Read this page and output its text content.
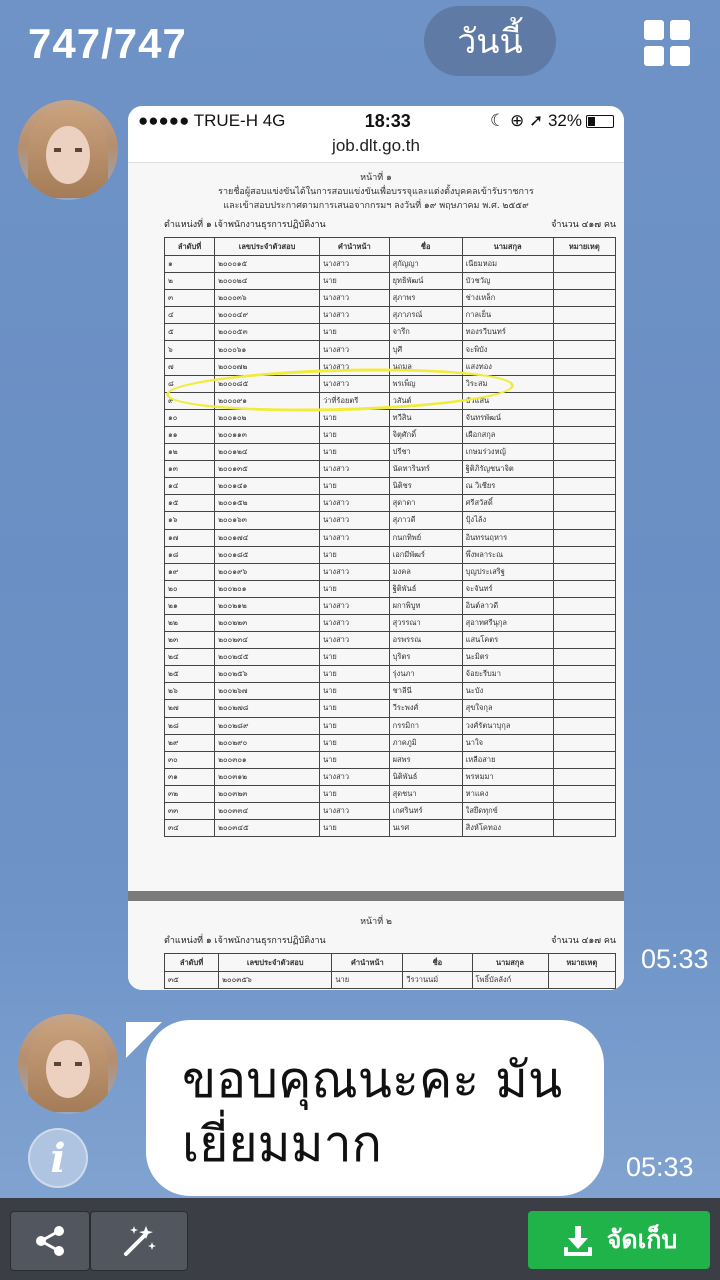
747/747	วันนี้
●●●●● TRUE-H 4G	18:33	☾ ⊕ ➚ 32%
job.dlt.go.th
หน้าที่ ๑
รายชื่อผู้สอบแข่งขันได้ในการสอบแข่งขันเพื่อบรรจุและแต่งตั้งบุคคลเข้ารับราชการ
และเข้าสอบประกาศตามการเสนอจากกรมฯ ลงวันที่ ๑๙ พฤษภาคม พ.ศ. ๒๕๕๙
ตำแหน่งที่ ๑ เจ้าพนักงานธุรการปฏิบัติงาน	จำนวน ๔๑๗ คน
ลำดับที่	เลขประจำตัวสอบ	คำนำหน้า	ชื่อ	นามสกุล	หมายเหตุ
๑	๒๐๐๐๑๕	นางสาว	สุกัญญา	เนียมหอม	
๒	๒๐๐๐๒๔	นาย	ยุทธิพัฒน์	บัวชวัญ	
๓	๒๐๐๐๓๖	นางสาว	สุภาพร	ช่างเหล็ก	
๔	๒๐๐๐๔๙	นางสาว	สุภาภรณ์	กาลเย็น	
๕	๒๐๐๐๕๓	นาย	จารึก	ทองรวีบนทร์	
๖	๒๐๐๐๖๑	นางสาว	บุศี	จะพิบัง	
๗	๒๐๐๐๗๒	นางสาว	นฤมล	แสงทอง	
๘	๒๐๐๐๘๕	นางสาว	พรเพ็ญ	วิระสม	
๙	๒๐๐๐๙๑	ว่าที่ร้อยตรี	วสันต์	บัวแสน	
๑๐	๒๐๐๑๐๒	นาย	ทวีสิน	จันทรพัฒน์	
๑๑	๒๐๐๑๑๓	นาย	จิตุศักดิ์	เผือกสกุล	
๑๒	๒๐๐๑๒๔	นาย	ปรีชา	เกษมร่วงหญ้	
๑๓	๒๐๐๑๓๕	นางสาว	นัดทารินทร์	ฐิติภิรัญชนาจิต	
๑๔	๒๐๐๑๔๑	นาย	นิติชร	ณ วิเชียร	
๑๕	๒๐๐๑๕๒	นางสาว	สุดาดา	ศรีสวัสดิ์	
๑๖	๒๐๐๑๖๓	นางสาว	สุภาวดี	ปุ้งไล้ง	
๑๗	๒๐๐๑๗๔	นางสาว	กนกทิพย์	อินทรนฤหาร	
๑๘	๒๐๐๑๘๕	นาย	เอกมีพัฒร์	พึ่งพลาระณ	
๑๙	๒๐๐๑๙๖	นางสาว	มงคล	บุญประเสริฐ	
๒๐	๒๐๐๒๐๑	นาย	ฐิติพันธ์	จะจันทร์	
๒๑	๒๐๐๒๑๒	นางสาว	ผกาพิบูท	อินต์ลาวดี	
๒๒	๒๐๐๒๒๓	นางสาว	สุวรรณา	สุอาทศรีนุกุล	
๒๓	๒๐๐๒๓๔	นางสาว	อรพรรณ	แสนโคตร	
๒๔	๒๐๐๒๔๕	นาย	บุริตร	นะมิตร	
๒๕	๒๐๐๒๕๖	นาย	รุ่งนภา	จ้อยะรีบมา	
๒๖	๒๐๐๒๖๗	นาย	ชาลีนี	นะบัง	
๒๗	๒๐๐๒๗๘	นาย	วีระพงศ์	สุขใจกุล	
๒๘	๒๐๐๒๘๙	นาย	กรรมิกา	วงศ์รัตนาบุกุล	
๒๙	๒๐๐๒๙๐	นาย	ภาคภูมิ	นาใจ	
๓๐	๒๐๐๓๐๑	นาย	ผสพร	เหลือสาย	
๓๑	๒๐๐๓๑๒	นางสาว	นิติพันธ์	พรหมมา	
๓๒	๒๐๐๓๒๓	นาย	สุดชนา	หาแคง	
๓๓	๒๐๐๓๓๔	นางสาว	เกศรินทร์	ใสยึดทุกข์	
๓๔	๒๐๐๓๔๕	นาย	นเรศ	สิงห์โคทอง	
หน้าที่ ๒
ตำแหน่งที่ ๑ เจ้าพนักงานธุรการปฏิบัติงาน	จำนวน ๔๑๗ คน
ลำดับที่	เลขประจำตัวสอบ	คำนำหน้า	ชื่อ	นามสกุล	หมายเหตุ
๓๕	๒๐๐๓๕๖	นาย	วีรวานนม์	โพธิ์บัลลังก์	
05:33
i
ขอบคุณนะคะ มันเยี่ยมมาก	05:33
จัดเก็บ
